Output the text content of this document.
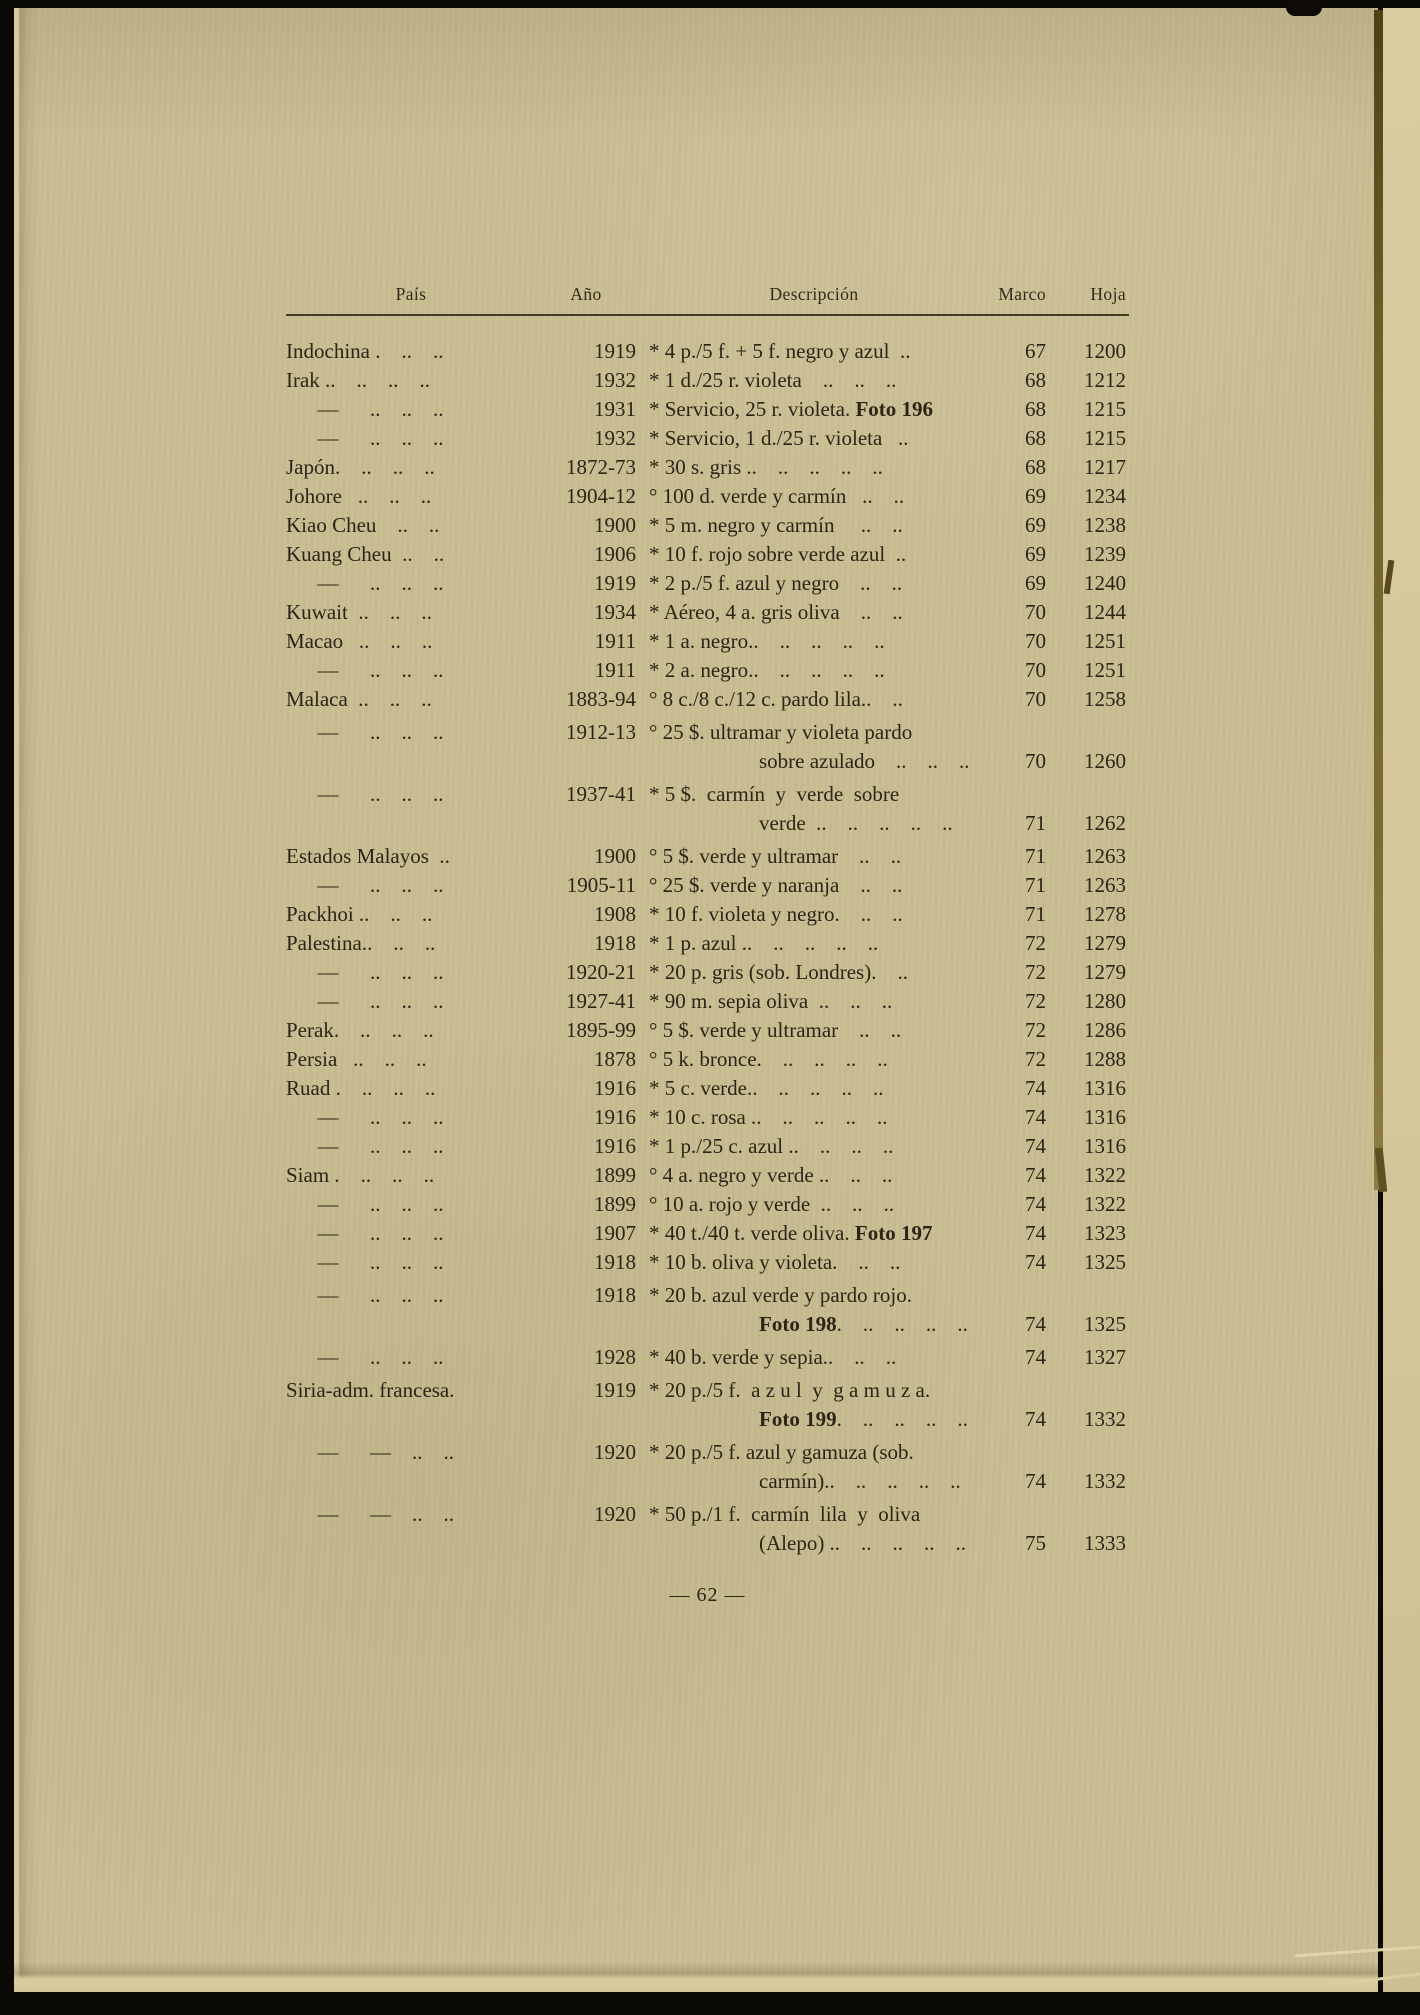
País	Año	Descripción	Marco	Hoja
Indochina .    ..    ..	1919 * 4 p./5 f. + 5 f. negro y azul  ..	67	1200
Irak ..    ..    ..    ..	1932 * 1 d./25 r. violeta    ..    ..    ..	68	1212
—      ..    ..    ..	1931 * Servicio, 25 r. violeta. Foto 196	68	1215
—      ..    ..    ..	1932 * Servicio, 1 d./25 r. violeta   ..	68	1215
Japón.    ..    ..    ..	1872-73 * 30 s. gris ..    ..    ..    ..    ..	68	1217
Johore   ..    ..    ..	1904-12 ° 100 d. verde y carmín   ..    ..	69	1234
Kiao Cheu    ..    ..	1900 * 5 m. negro y carmín     ..    ..	69	1238
Kuang Cheu  ..    ..	1906 * 10 f. rojo sobre verde azul  ..	69	1239
—      ..    ..    ..	1919 * 2 p./5 f. azul y negro    ..    ..	69	1240
Kuwait  ..    ..    ..	1934 * Aéreo, 4 a. gris oliva    ..    ..	70	1244
Macao   ..    ..    ..	1911 * 1 a. negro..    ..    ..    ..    ..	70	1251
—      ..    ..    ..	1911 * 2 a. negro..    ..    ..    ..    ..	70	1251
Malaca  ..    ..    ..	1883-94 ° 8 c./8 c./12 c. pardo lila..    ..	70	1258
—      ..    ..    ..	1912-13 ° 25 $. ultramar y violeta pardo
sobre azulado    ..    ..    ..	70	1260
—      ..    ..    ..	1937-41 * 5 $.  carmín  y  verde  sobre
verde  ..    ..    ..    ..    ..	71	1262
Estados Malayos  ..	1900 ° 5 $. verde y ultramar    ..    ..	71	1263
—      ..    ..    ..	1905-11 ° 25 $. verde y naranja    ..    ..	71	1263
Packhoi ..    ..    ..	1908 * 10 f. violeta y negro.    ..    ..	71	1278
Palestina..    ..    ..	1918 * 1 p. azul ..    ..    ..    ..    ..	72	1279
—      ..    ..    ..	1920-21 * 20 p. gris (sob. Londres).    ..	72	1279
—      ..    ..    ..	1927-41 * 90 m. sepia oliva  ..    ..    ..	72	1280
Perak.    ..    ..    ..	1895-99 ° 5 $. verde y ultramar    ..    ..	72	1286
Persia   ..    ..    ..	1878 ° 5 k. bronce.    ..    ..    ..    ..	72	1288
Ruad .    ..    ..    ..	1916 * 5 c. verde..    ..    ..    ..    ..	74	1316
—      ..    ..    ..	1916 * 10 c. rosa ..    ..    ..    ..    ..	74	1316
—      ..    ..    ..	1916 * 1 p./25 c. azul ..    ..    ..    ..	74	1316
Siam .    ..    ..    ..	1899 ° 4 a. negro y verde ..    ..    ..	74	1322
—      ..    ..    ..	1899 ° 10 a. rojo y verde  ..    ..    ..	74	1322
—      ..    ..    ..	1907 * 40 t./40 t. verde oliva. Foto 197	74	1323
—      ..    ..    ..	1918 * 10 b. oliva y violeta.    ..    ..	74	1325
—      ..    ..    ..	1918 * 20 b. azul verde y pardo rojo.
Foto 198.    ..    ..    ..    ..	74	1325
—      ..    ..    ..	1928 * 40 b. verde y sepia..    ..    ..	74	1327
Siria-adm. francesa.	1919 * 20 p./5 f.  a z u l  y  g a m u z a.
Foto 199.    ..    ..    ..    ..	74	1332
—      —    ..    ..	1920 * 20 p./5 f. azul y gamuza (sob.
carmín)..    ..    ..    ..    ..	74	1332
—      —    ..    ..	1920 * 50 p./1 f.  carmín  lila  y  oliva
(Alepo) ..    ..    ..    ..    ..	75	1333
— 62 —
